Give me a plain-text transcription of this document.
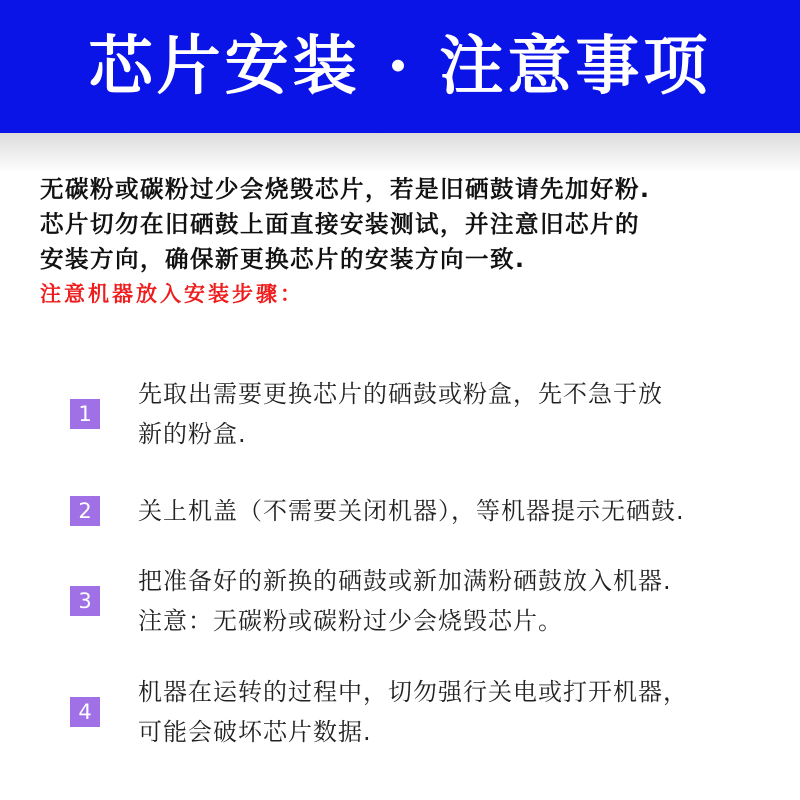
芯片安装 · 注意事项
无碳粉或碳粉过少会烧毁芯片，若是旧硒鼓请先加好粉.
芯片切勿在旧硒鼓上面直接安装测试，并注意旧芯片的
安装方向，确保新更换芯片的安装方向一致.
注意机器放入安装步骤：
1
先取出需要更换芯片的硒鼓或粉盒，先不急于放
新的粉盒.
2	关上机盖（不需要关闭机器），等机器提示无硒鼓.
3
把准备好的新换的硒鼓或新加满粉硒鼓放入机器.
注意：无碳粉或碳粉过少会烧毁芯片。
4
机器在运转的过程中，切勿强行关电或打开机器，
可能会破坏芯片数据.
